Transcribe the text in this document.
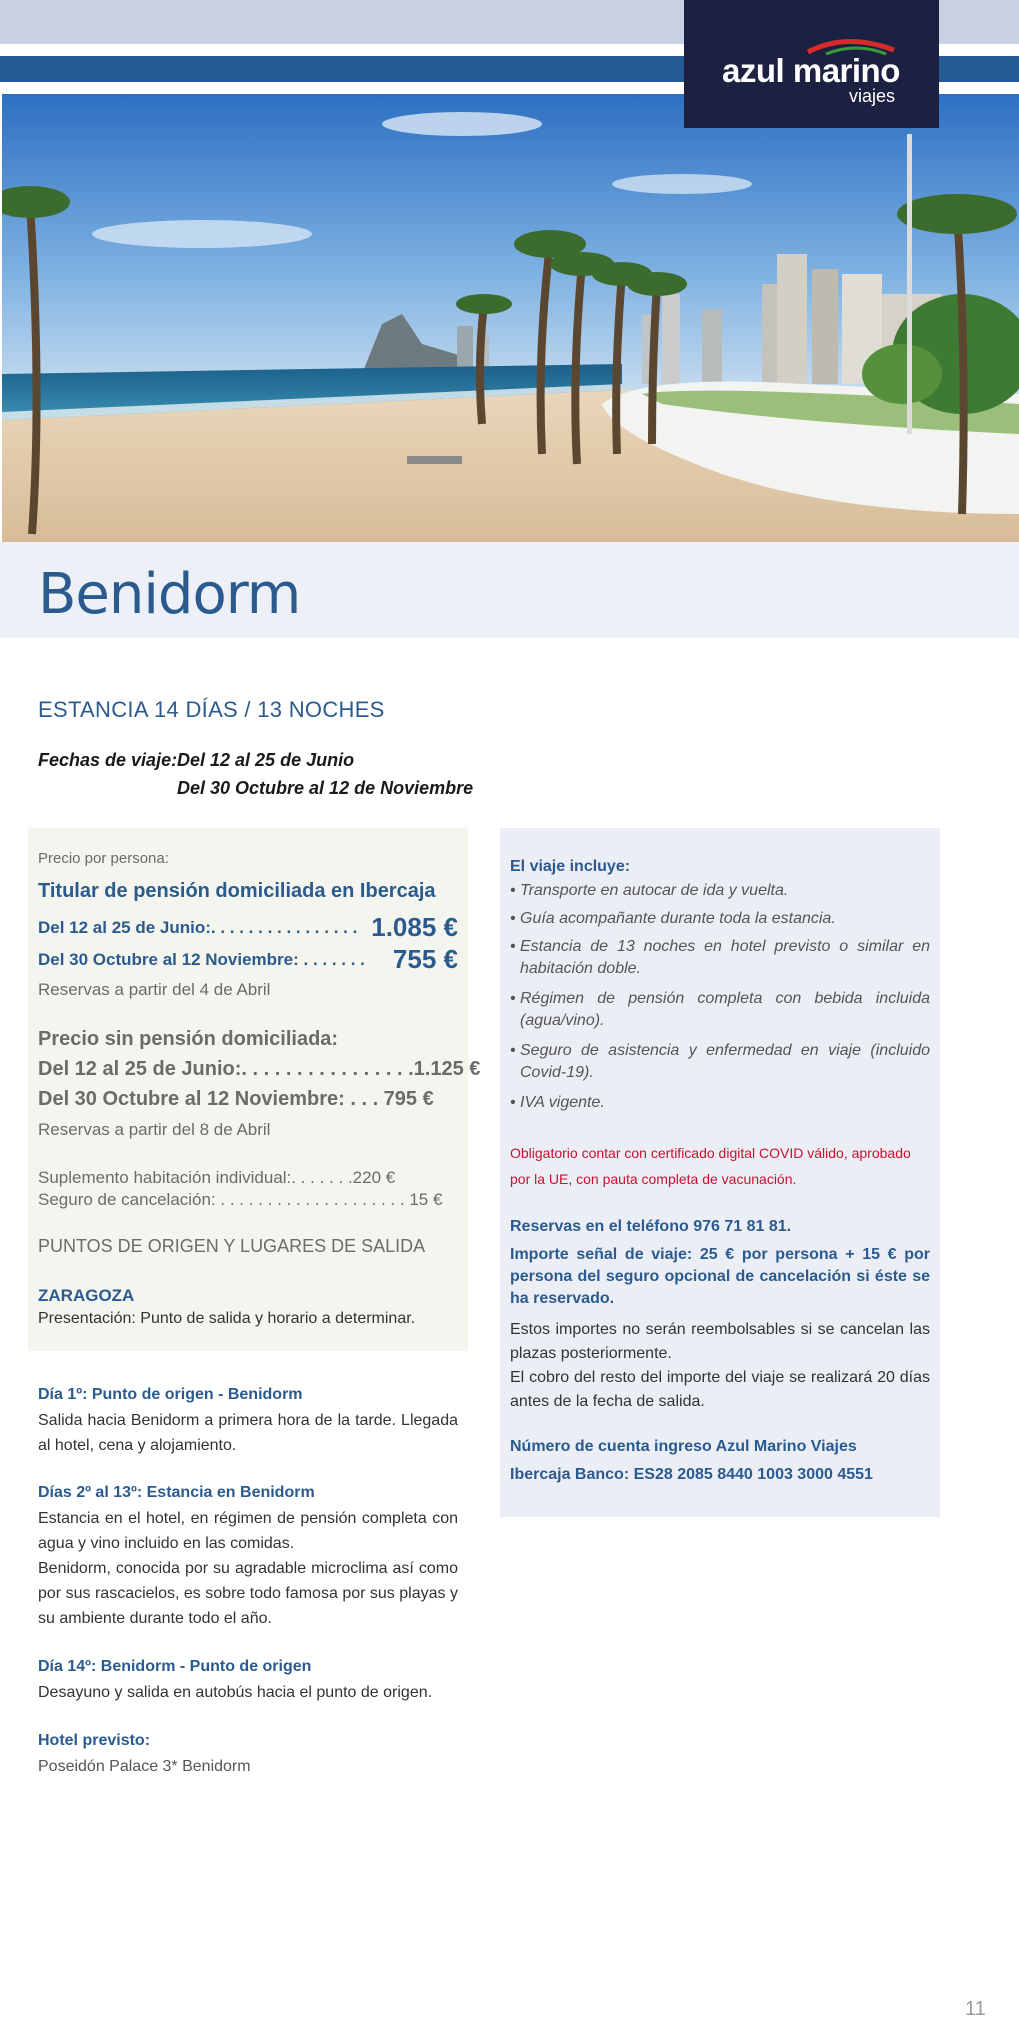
azul marino
viajes
Benidorm
ESTANCIA 14 DÍAS / 13 NOCHES
Fechas de viaje: Del 12 al 25 de Junio
Del 30 Octubre al 12 de Noviembre
Precio por persona:
Titular de pensión domiciliada en Ibercaja
Del 12 al 25 de Junio:. . . . . . . . . . . . . . . . 1.085 €
Del 30 Octubre al 12 Noviembre: . . . . . . . 755 €
Reservas a partir del 4 de Abril
Precio sin pensión domiciliada:
Del 12 al 25 de Junio:. . . . . . . . . . . . . . . .1.125 €
Del 30 Octubre al 12 Noviembre: . . . 795 €
Reservas a partir del 8 de Abril
Suplemento habitación individual:. . . . . . .220 €
Seguro de cancelación: . . . . . . . . . . . . . . . . . . . . 15 €
PUNTOS DE ORIGEN Y LUGARES DE SALIDA
ZARAGOZA
Presentación: Punto de salida y horario a determinar.
El viaje incluye:
• Transporte en autocar de ida y vuelta.
• Guía acompañante durante toda la estancia.
• Estancia de 13 noches en hotel previsto o similar en habitación doble.
• Régimen de pensión completa con bebida incluida (agua/vino).
• Seguro de asistencia y enfermedad en viaje (incluido Covid-19).
• IVA vigente.
Obligatorio contar con certificado digital COVID válido, aprobado por la UE, con pauta completa de vacunación.
Reservas en el teléfono 976 71 81 81.
Importe señal de viaje: 25 € por persona + 15 € por persona del seguro opcional de cancelación si éste se ha reservado.
Estos importes no serán reembolsables si se cancelan las plazas posteriormente.
El cobro del resto del importe del viaje se realizará 20 días antes de la fecha de salida.
Número de cuenta ingreso Azul Marino Viajes
Ibercaja Banco: ES28 2085 8440 1003 3000 4551
Día 1º: Punto de origen - Benidorm
Salida hacia Benidorm a primera hora de la tarde. Llegada al hotel, cena y alojamiento.
Días 2º al 13º: Estancia en Benidorm
Estancia en el hotel, en régimen de pensión completa con agua y vino incluido en las comidas.
Benidorm, conocida por su agradable microclima así como por sus rascacielos, es sobre todo famosa por sus playas y su ambiente durante todo el año.
Día 14º: Benidorm - Punto de origen
Desayuno y salida en autobús hacia el punto de origen.
Hotel previsto:
Poseidón Palace 3* Benidorm
11
